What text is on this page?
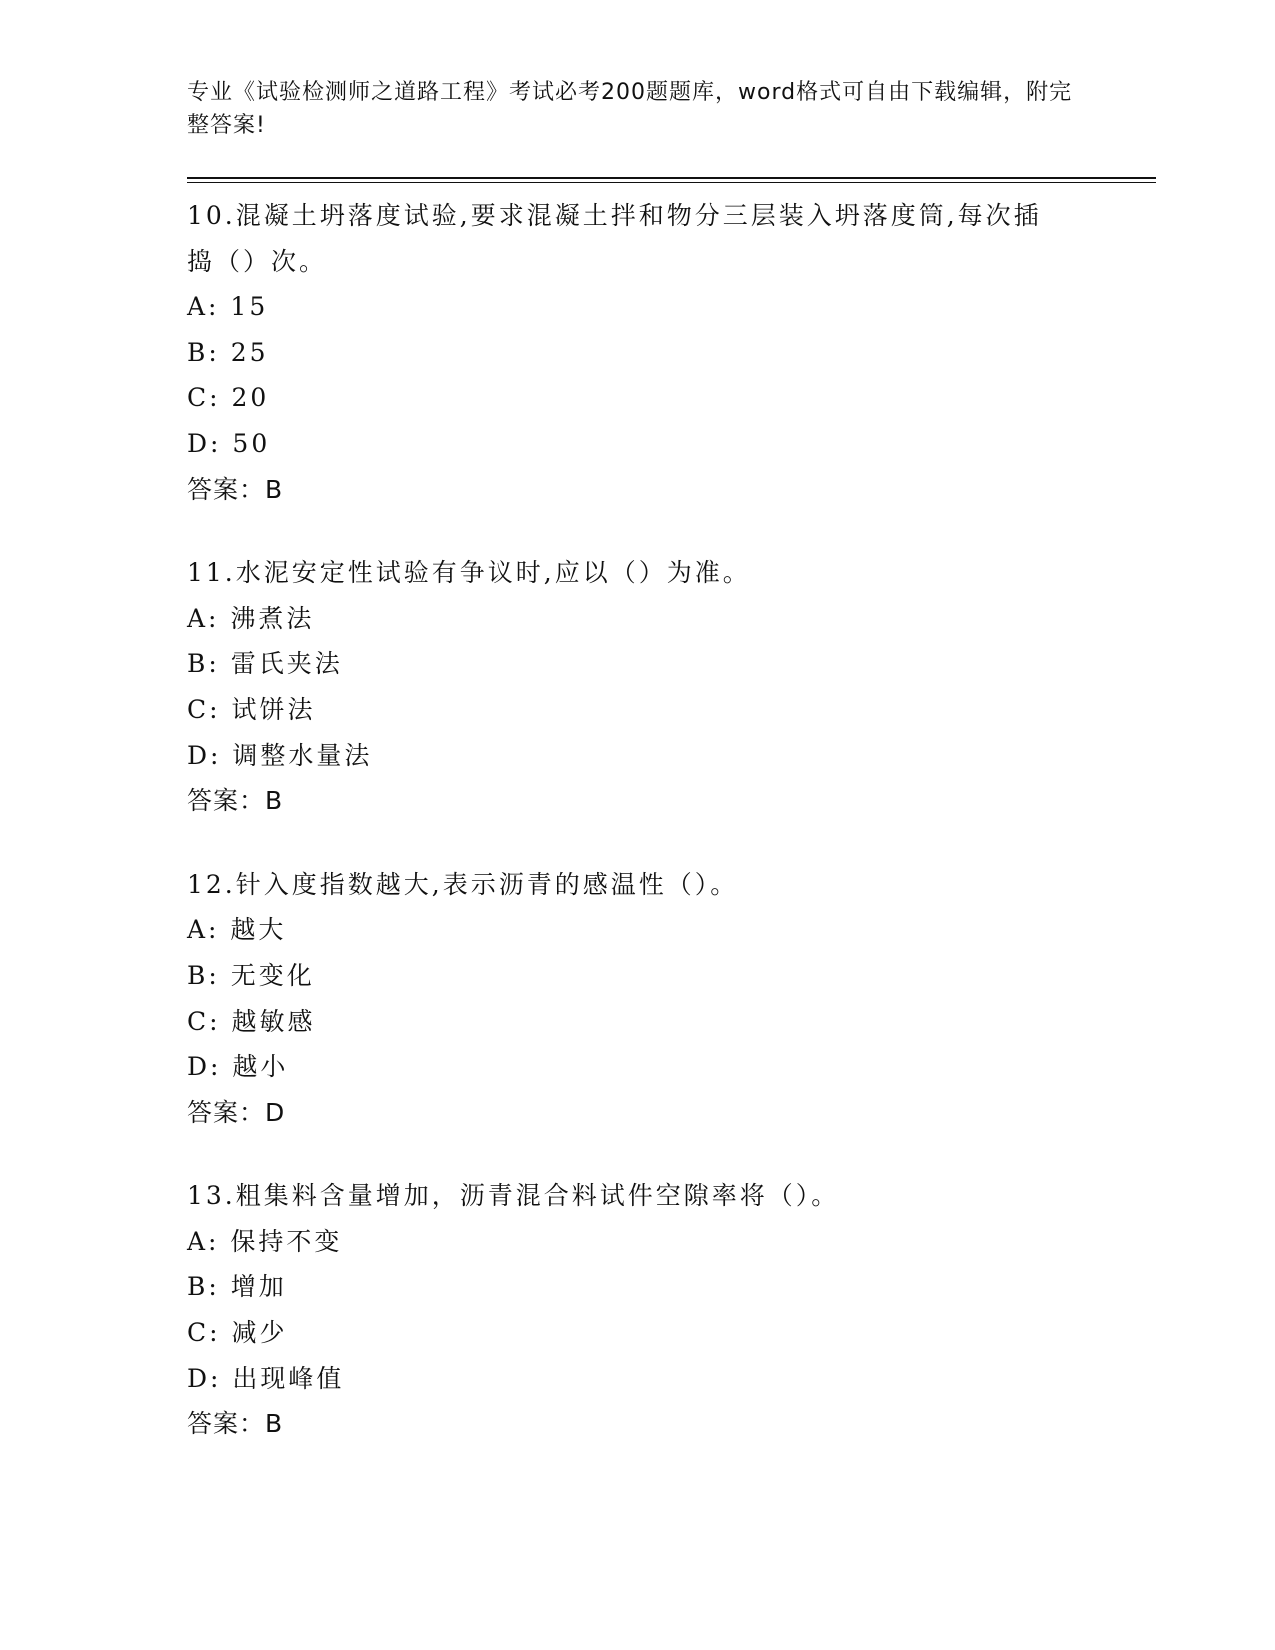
专业《试验检测师之道路工程》考试必考200题题库，word格式可自由下载编辑，附完整答案!
10.混凝土坍落度试验,要求混凝土拌和物分三层装入坍落度筒,每次插捣（）次。
A: 15
B: 25
C: 20
D: 50
答案：B
11.水泥安定性试验有争议时,应以（）为准。
A: 沸煮法
B: 雷氏夹法
C: 试饼法
D: 调整水量法
答案：B
12.针入度指数越大,表示沥青的感温性（）。
A: 越大
B: 无变化
C: 越敏感
D: 越小
答案：D
13.粗集料含量增加，沥青混合料试件空隙率将（）。
A: 保持不变
B: 增加
C: 减少
D: 出现峰值
答案：B
